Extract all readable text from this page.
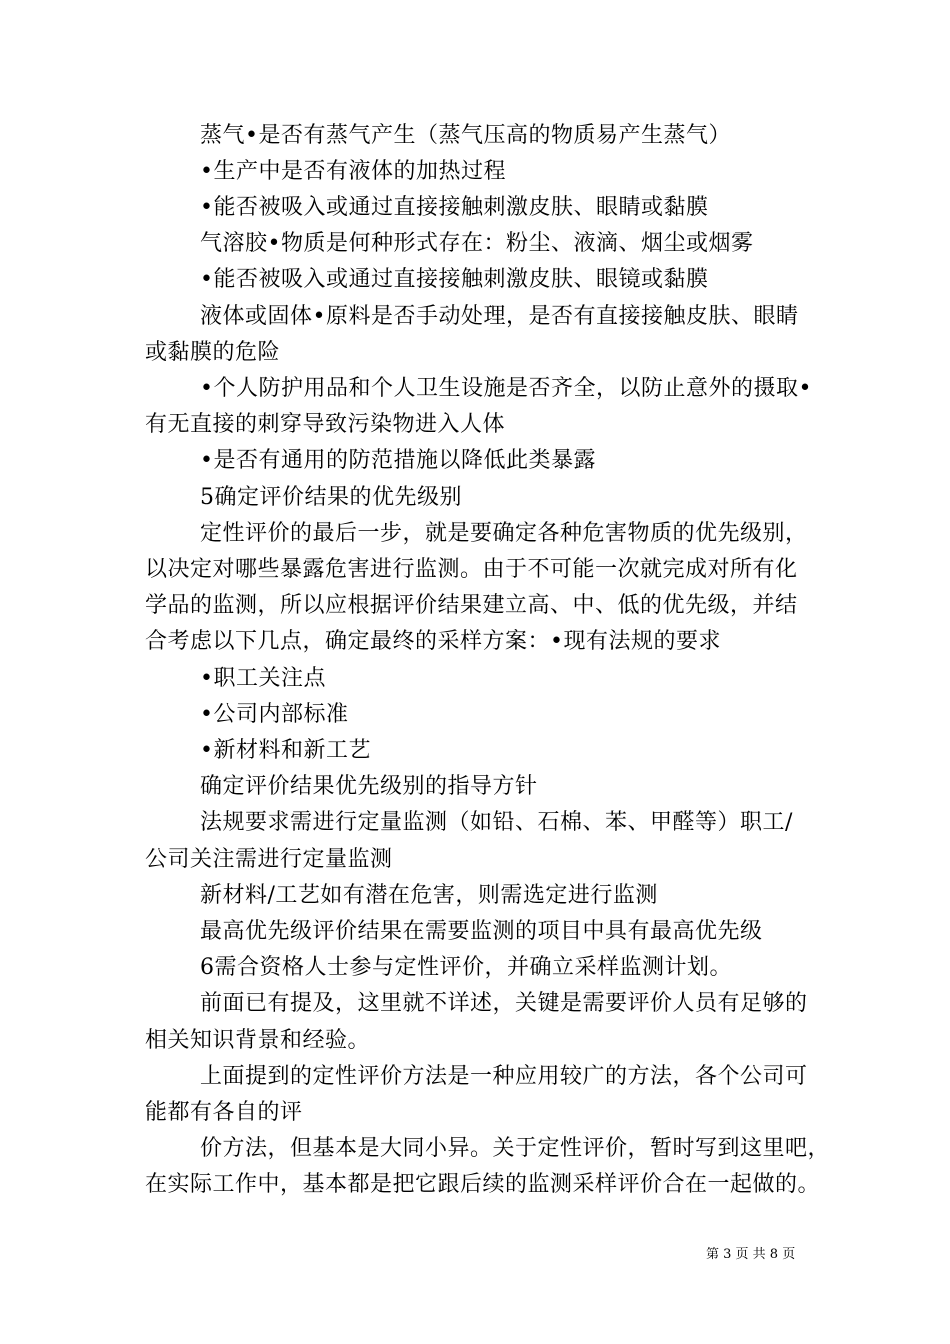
蒸气•是否有蒸气产生（蒸气压高的物质易产生蒸气）
•生产中是否有液体的加热过程
•能否被吸入或通过直接接触刺激皮肤、眼睛或黏膜
气溶胶•物质是何种形式存在：粉尘、液滴、烟尘或烟雾
•能否被吸入或通过直接接触刺激皮肤、眼镜或黏膜
液体或固体•原料是否手动处理，是否有直接接触皮肤、眼睛
或黏膜的危险
•个人防护用品和个人卫生设施是否齐全，以防止意外的摄取•
有无直接的刺穿导致污染物进入人体
•是否有通用的防范措施以降低此类暴露
5确定评价结果的优先级别
定性评价的最后一步，就是要确定各种危害物质的优先级别，
以决定对哪些暴露危害进行监测。由于不可能一次就完成对所有化
学品的监测，所以应根据评价结果建立高、中、低的优先级，并结
合考虑以下几点，确定最终的采样方案：•现有法规的要求
•职工关注点
•公司内部标准
•新材料和新工艺
确定评价结果优先级别的指导方针
法规要求需进行定量监测（如铅、石棉、苯、甲醛等）职工/
公司关注需进行定量监测
新材料/工艺如有潜在危害，则需选定进行监测
最高优先级评价结果在需要监测的项目中具有最高优先级
6需合资格人士参与定性评价，并确立采样监测计划。
前面已有提及，这里就不详述，关键是需要评价人员有足够的
相关知识背景和经验。
上面提到的定性评价方法是一种应用较广的方法，各个公司可
能都有各自的评
价方法，但基本是大同小异。关于定性评价，暂时写到这里吧，
在实际工作中，基本都是把它跟后续的监测采样评价合在一起做的。
第 3 页 共 8 页
